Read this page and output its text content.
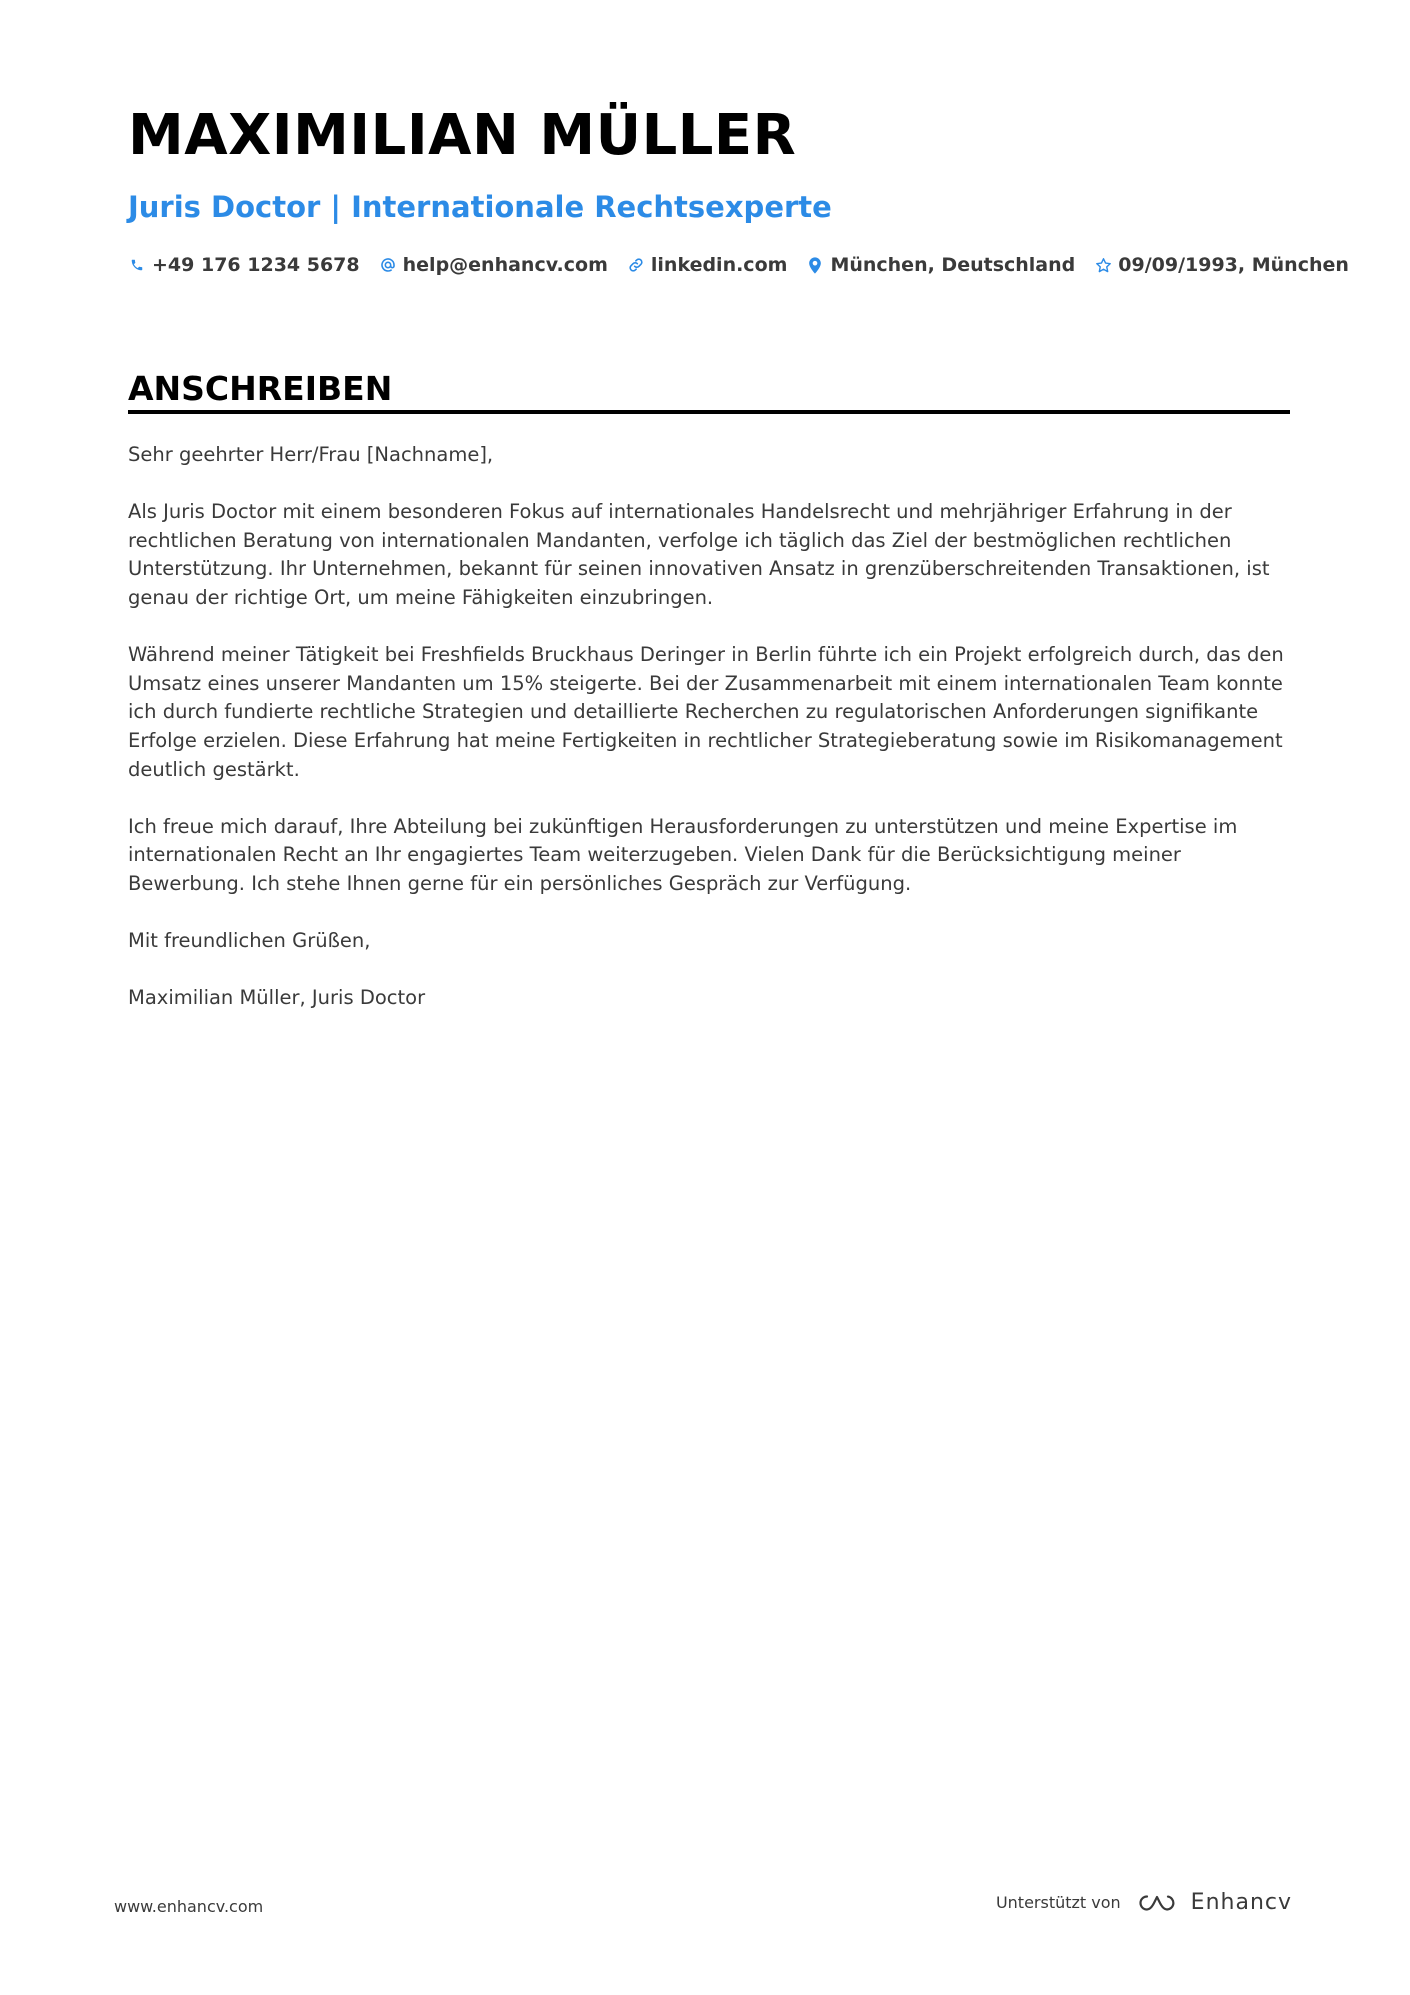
MAXIMILIAN MÜLLER
Juris Doctor | Internationale Rechtsexperte
+49 176 1234 5678 help@enhancv.com linkedin.com München, Deutschland 09/09/1993, München
ANSCHREIBEN

Sehr geehrter Herr/Frau [Nachname],

Als Juris Doctor mit einem besonderen Fokus auf internationales Handelsrecht und mehrjähriger Erfahrung in der rechtlichen Beratung von internationalen Mandanten, verfolge ich täglich das Ziel der bestmöglichen rechtlichen Unterstützung. Ihr Unternehmen, bekannt für seinen innovativen Ansatz in grenzüberschreitenden Transaktionen, ist genau der richtige Ort, um meine Fähigkeiten einzubringen.

Während meiner Tätigkeit bei Freshfields Bruckhaus Deringer in Berlin führte ich ein Projekt erfolgreich durch, das den Umsatz eines unserer Mandanten um 15% steigerte. Bei der Zusammenarbeit mit einem internationalen Team konnte ich durch fundierte rechtliche Strategien und detaillierte Recherchen zu regulatorischen Anforderungen signifikante Erfolge erzielen. Diese Erfahrung hat meine Fertigkeiten in rechtlicher Strategieberatung sowie im Risikomanagement deutlich gestärkt.

Ich freue mich darauf, Ihre Abteilung bei zukünftigen Herausforderungen zu unterstützen und meine Expertise im internationalen Recht an Ihr engagiertes Team weiterzugeben. Vielen Dank für die Berücksichtigung meiner Bewerbung. Ich stehe Ihnen gerne für ein persönliches Gespräch zur Verfügung.

Mit freundlichen Grüßen,

Maximilian Müller, Juris Doctor

www.enhancv.com	Unterstützt von	Enhancv
